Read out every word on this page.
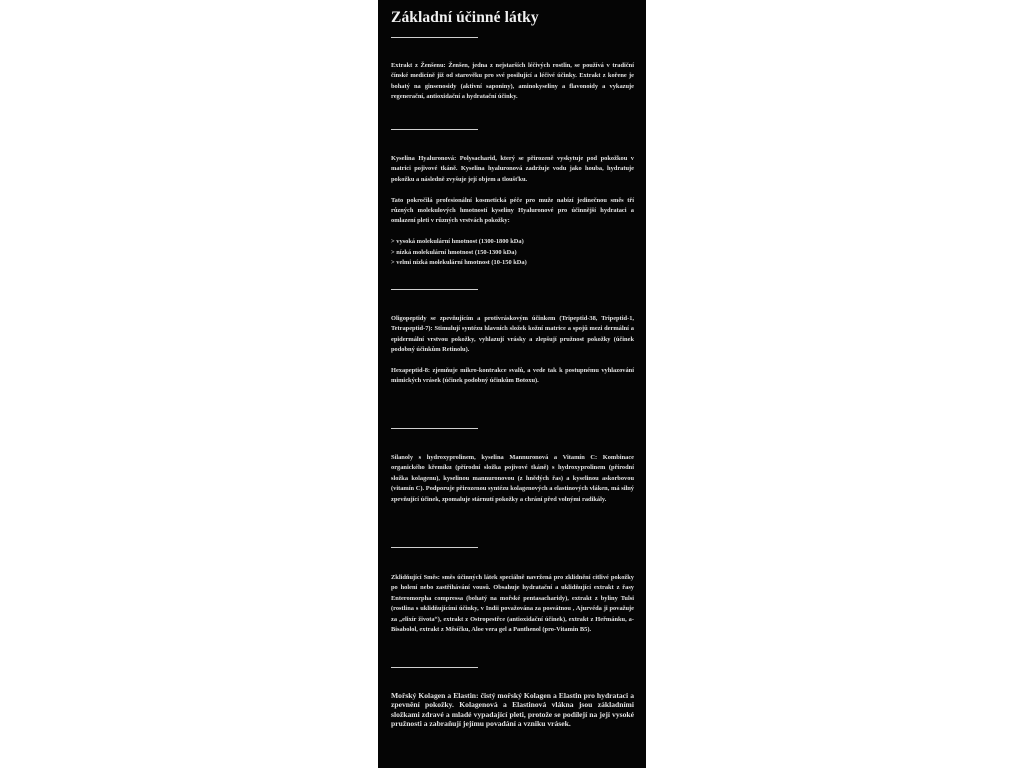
Základní účinné látky

Extrakt z Ženšenu: Ženšen, jedna z nejstarších léčivých rostlin, se používá v tradiční čínské medicíně již od starověku pro své posilující a léčivé účinky. Extrakt z kořene je bohatý na ginsenosidy (aktivní saponiny), aminokyseliny a flavonoidy a vykazuje regenerační, antioxidační a hydratační účinky.

Kyselina Hyaluronová: Polysacharid, který se přirozeně vyskytuje pod pokožkou v matrici pojivové tkáně. Kyselina hyaluronová zadržuje vodu jako houba, hydratuje pokožku a následně zvyšuje její objem a tloušťku.

Tato pokročilá profesionální kosmetická péče pro muže nabízí jedinečnou směs tří různých molekulových hmotností kyseliny Hyaluronové pro účinnější hydrataci a omlazení pleti v různých vrstvách pokožky:

> vysoká molekulární hmotnost (1300-1800 kDa)
> nízká molekulární hmotnost (150-1300 kDa)
> velmi nízká molekulární hmotnost (10-150 kDa)

Oligopeptidy se zpevňujícím a protivráskovým účinkem (Tripeptid-38, Tripeptid-1, Tetrapeptid-7): Stimulují syntézu hlavních složek kožní matrice a spojů mezi dermální a epidermální vrstvou pokožky, vyhlazují vrásky a zlepšují pružnost pokožky (účinek podobný účinkům Retinolu).

Hexapeptid-8: zjemňuje mikro-kontrakce svalů, a vede tak k postupnému vyhlazování mimických vrásek (účinek podobný účinkům Botoxu).

Silanoly s hydroxyprolinem, kyselina Mannuronová a Vitamín C: Kombinace organického křemíku (přírodní složka pojivové tkáně) s hydroxyprolinem (přírodní složka kolagenu), kyselinou mannuronovou (z hnědých řas) a kyselinou askorbovou (vitamín C). Podporuje přirozenou syntézu kolagenových a elastinových vláken, má silný zpevňující účinek, zpomaluje stárnutí pokožky a chrání před volnými radikály.

Zklidňující Směs: směs účinných látek speciálně navržená pro zklidnění citlivé pokožky po holení nebo zastřihávání vousů. Obsahuje hydratační a uklidňující extrakt z řasy Enteromorpha compressa (bohatý na mořské pentasacharidy), extrakt z byliny Tulsi (rostlina s uklidňujícími účinky, v Indii považována za posvátnou , Ajurvéda ji považuje za „elixír života“), extrakt z Ostropestřce (antioxidační účinek), extrakt z Heřmánku, a-Bisabolol, extrakt z Měsíčku, Aloe vera gel a Panthenol (pro-Vitamin B5).

Mořský Kolagen a Elastin: čistý mořský Kolagen a Elastin pro hydrataci a zpevnění pokožky. Kolagenová a Elastinová vlákna jsou základními složkami zdravé a mladé vypadající pleti, protože se podílejí na její vysoké pružnosti a zabraňují jejímu povadání a vzniku vrásek.
